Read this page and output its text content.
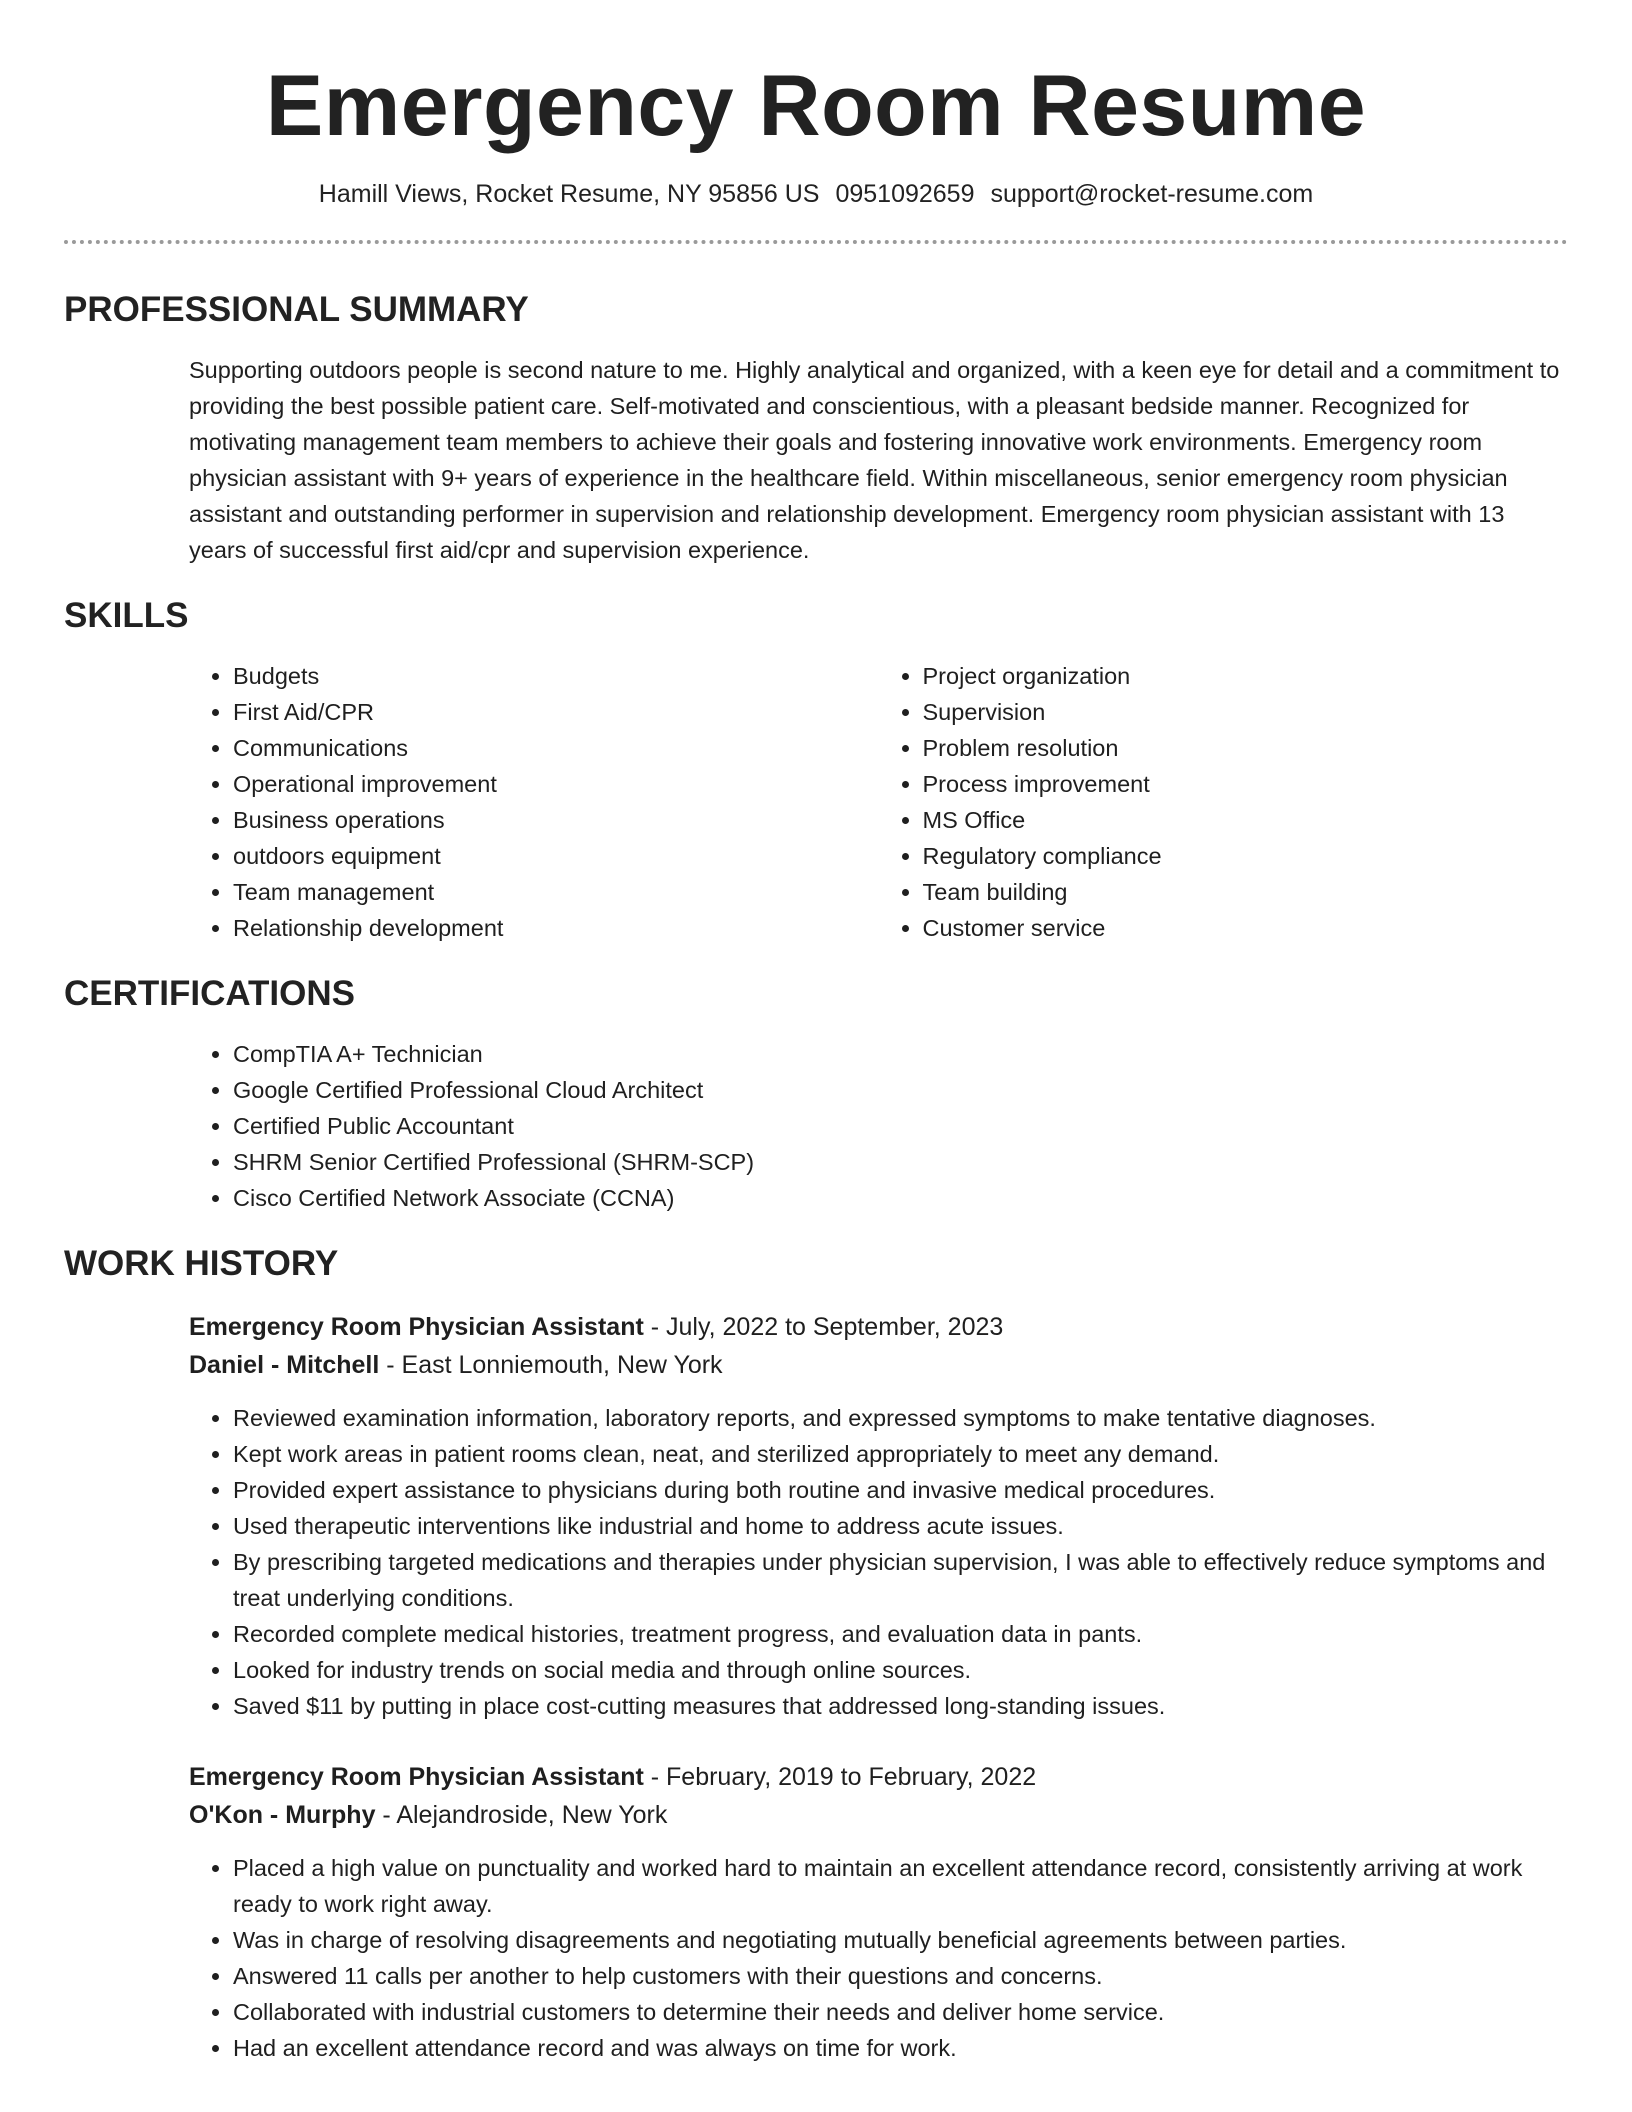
Emergency Room Resume
Hamill Views, Rocket Resume, NY 95856 US 0951092659 support@rocket-resume.com
PROFESSIONAL SUMMARY

Supporting outdoors people is second nature to me. Highly analytical and organized, with a keen eye for detail and a commitment to providing the best possible patient care. Self-motivated and conscientious, with a pleasant bedside manner. Recognized for motivating management team members to achieve their goals and fostering innovative work environments. Emergency room physician assistant with 9+ years of experience in the healthcare field. Within miscellaneous, senior emergency room physician assistant and outstanding performer in supervision and relationship development. Emergency room physician assistant with 13 years of successful first aid/cpr and supervision experience.

SKILLS
• Budgets
• First Aid/CPR
• Communications
• Operational improvement
• Business operations
• outdoors equipment
• Team management
• Relationship development
• Project organization
• Supervision
• Problem resolution
• Process improvement
• MS Office
• Regulatory compliance
• Team building
• Customer service
CERTIFICATIONS
• CompTIA A+ Technician
• Google Certified Professional Cloud Architect
• Certified Public Accountant
• SHRM Senior Certified Professional (SHRM-SCP)
• Cisco Certified Network Associate (CCNA)
WORK HISTORY

Emergency Room Physician Assistant - July, 2022 to September, 2023

Daniel - Mitchell - East Lonniemouth, New York

• Reviewed examination information, laboratory reports, and expressed symptoms to make tentative diagnoses.
• Kept work areas in patient rooms clean, neat, and sterilized appropriately to meet any demand.
• Provided expert assistance to physicians during both routine and invasive medical procedures.
• Used therapeutic interventions like industrial and home to address acute issues.
• By prescribing targeted medications and therapies under physician supervision, I was able to effectively reduce symptoms and treat underlying conditions.
• Recorded complete medical histories, treatment progress, and evaluation data in pants.
• Looked for industry trends on social media and through online sources.
• Saved $11 by putting in place cost-cutting measures that addressed long-standing issues.

Emergency Room Physician Assistant - February, 2019 to February, 2022

O'Kon - Murphy - Alejandroside, New York

• Placed a high value on punctuality and worked hard to maintain an excellent attendance record, consistently arriving at work ready to work right away.
• Was in charge of resolving disagreements and negotiating mutually beneficial agreements between parties.
• Answered 11 calls per another to help customers with their questions and concerns.
• Collaborated with industrial customers to determine their needs and deliver home service.
• Had an excellent attendance record and was always on time for work.
